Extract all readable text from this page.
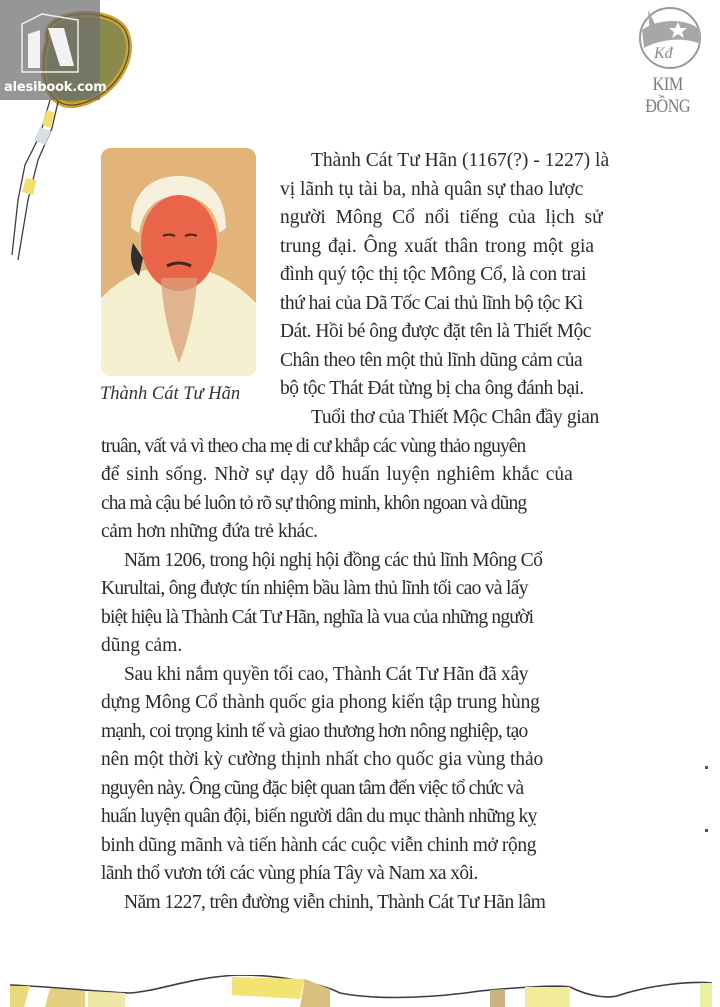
alesibook.com
Kđ
KIM ĐỒNG
Thành Cát Tư Hãn
Thành Cát Tư Hãn (1167(?) - 1227) là
vị lãnh tụ tài ba, nhà quân sự thao lược
người Mông Cổ nổi tiếng của lịch sử
trung đại. Ông xuất thân trong một gia
đình quý tộc thị tộc Mông Cổ, là con trai
thứ hai của Dã Tốc Cai thủ lĩnh bộ tộc Kì
Dát. Hồi bé ông được đặt tên là Thiết Mộc
Chân theo tên một thủ lĩnh dũng cảm của
bộ tộc Thát Đát từng bị cha ông đánh bại.
Tuổi thơ của Thiết Mộc Chân đầy gian
truân, vất vả vì theo cha mẹ di cư khắp các vùng thảo nguyên
để sinh sống. Nhờ sự dạy dỗ huấn luyện nghiêm khắc của
cha mà cậu bé luôn tỏ rõ sự thông minh, khôn ngoan và dũng
cảm hơn những đứa trẻ khác.
Năm 1206, trong hội nghị hội đồng các thủ lĩnh Mông Cổ
Kurultai, ông được tín nhiệm bầu làm thủ lĩnh tối cao và lấy
biệt hiệu là Thành Cát Tư Hãn, nghĩa là vua của những người
dũng cảm.
Sau khi nắm quyền tối cao, Thành Cát Tư Hãn đã xây
dựng Mông Cổ thành quốc gia phong kiến tập trung hùng
mạnh, coi trọng kinh tế và giao thương hơn nông nghiệp, tạo
nên một thời kỳ cường thịnh nhất cho quốc gia vùng thảo
nguyên này. Ông cũng đặc biệt quan tâm đến việc tổ chức và
huấn luyện quân đội, biến người dân du mục thành những kỵ
binh dũng mãnh và tiến hành các cuộc viễn chinh mở rộng
lãnh thổ vươn tới các vùng phía Tây và Nam xa xôi.
Năm 1227, trên đường viễn chinh, Thành Cát Tư Hãn lâm
